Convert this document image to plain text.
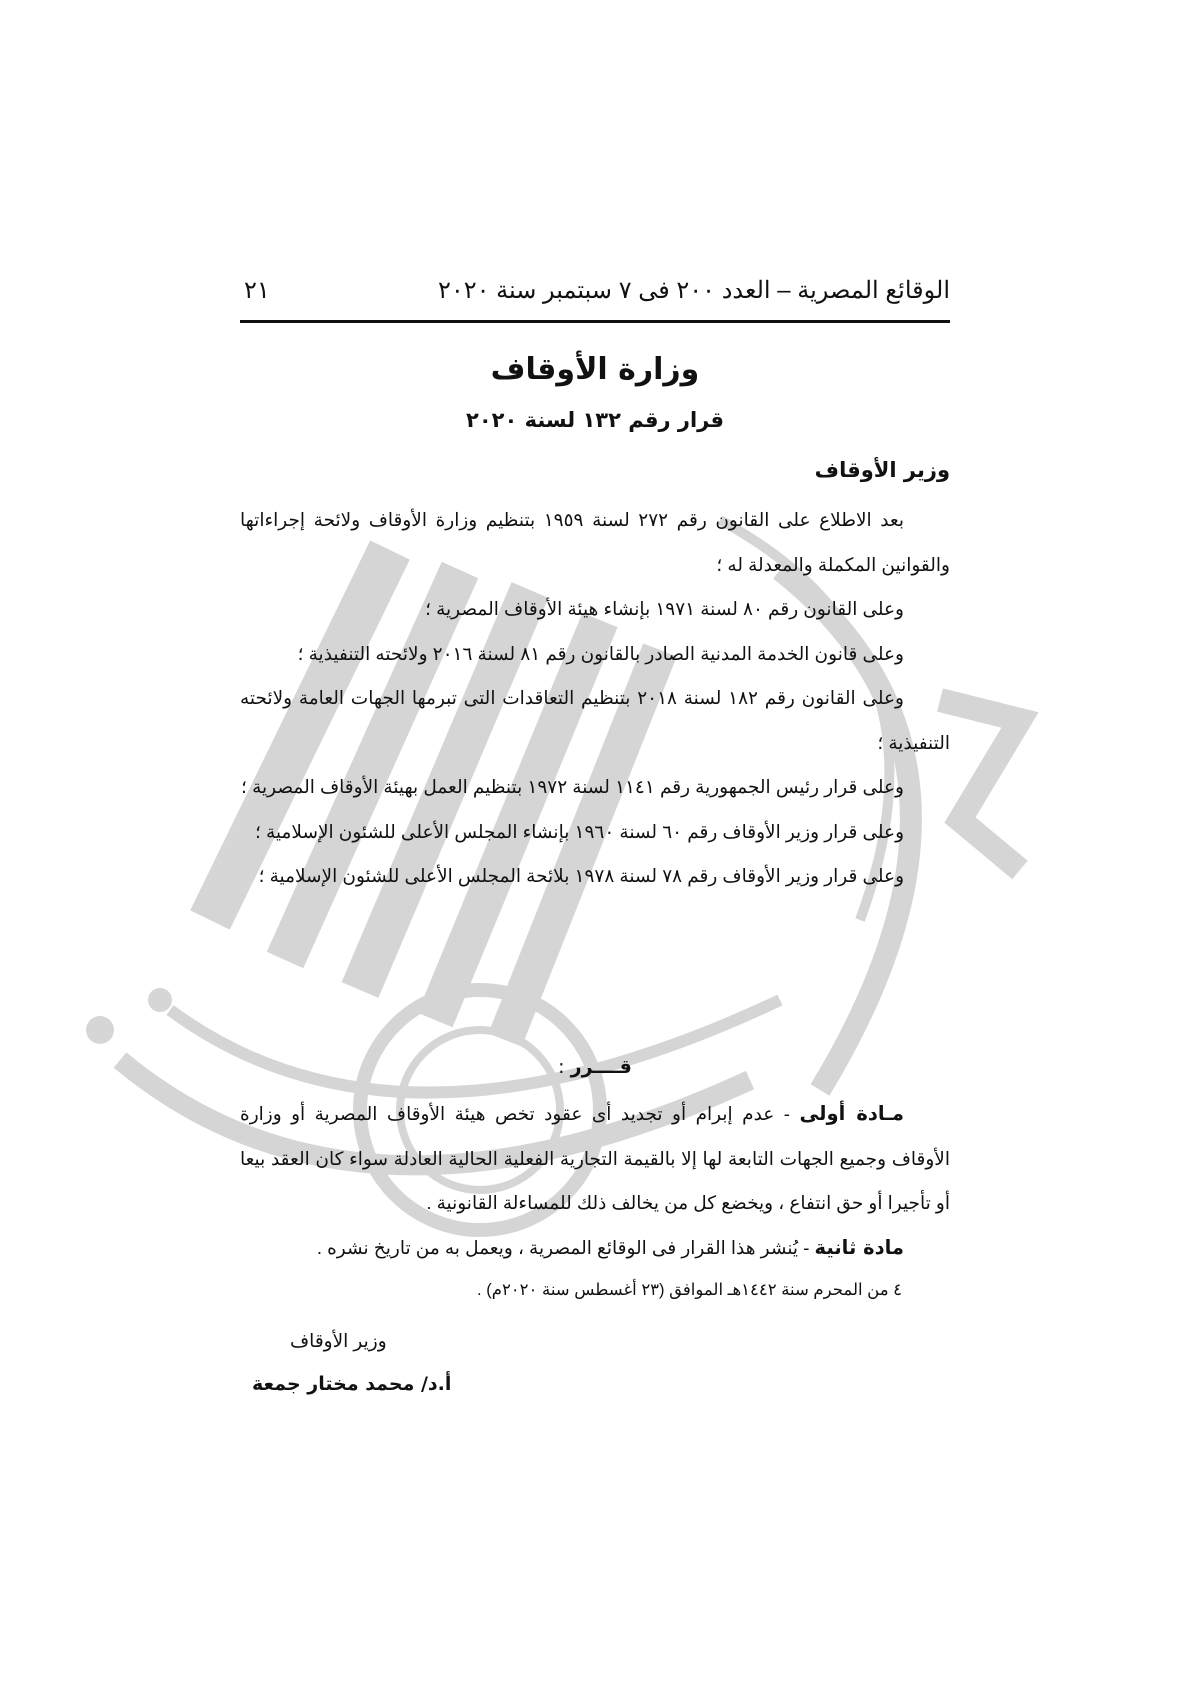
الوقائع المصرية – العدد ٢٠٠ فى ٧ سبتمبر سنة ٢٠٢٠
٢١
وزارة الأوقاف
قرار رقم ١٣٢ لسنة ٢٠٢٠
وزير الأوقاف

بعد الاطلاع على القانون رقم ٢٧٢ لسنة ١٩٥٩ بتنظيم وزارة الأوقاف ولائحة إجراءاتها والقوانين المكملة والمعدلة له ؛

وعلى القانون رقم ٨٠ لسنة ١٩٧١ بإنشاء هيئة الأوقاف المصرية ؛

وعلى قانون الخدمة المدنية الصادر بالقانون رقم ٨١ لسنة ٢٠١٦ ولائحته التنفيذية ؛

وعلى القانون رقم ١٨٢ لسنة ٢٠١٨ بتنظيم التعاقدات التى تبرمها الجهات العامة ولائحته التنفيذية ؛

وعلى قرار رئيس الجمهورية رقم ١١٤١ لسنة ١٩٧٢ بتنظيم العمل بهيئة الأوقاف المصرية ؛

وعلى قرار وزير الأوقاف رقم ٦٠ لسنة ١٩٦٠ بإنشاء المجلس الأعلى للشئون الإسلامية ؛

وعلى قرار وزير الأوقاف رقم ٧٨ لسنة ١٩٧٨ بلائحة المجلس الأعلى للشئون الإسلامية ؛

قــــرر :

مـادة أولى - عدم إبرام أو تجديد أى عقود تخص هيئة الأوقاف المصرية أو وزارة الأوقاف وجميع الجهات التابعة لها إلا بالقيمة التجارية الفعلية الحالية العادلة سواء كان العقد بيعا أو تأجيرا أو حق انتفاع ، ويخضع كل من يخالف ذلك للمساءلة القانونية .

مادة ثانية - يُنشر هذا القرار فى الوقائع المصرية ، ويعمل به من تاريخ نشره .

٤ من المحرم سنة ١٤٤٢هـ الموافق (٢٣ أغسطس سنة ٢٠٢٠م) .
وزير الأوقاف
أ.د/ محمد مختار جمعة
